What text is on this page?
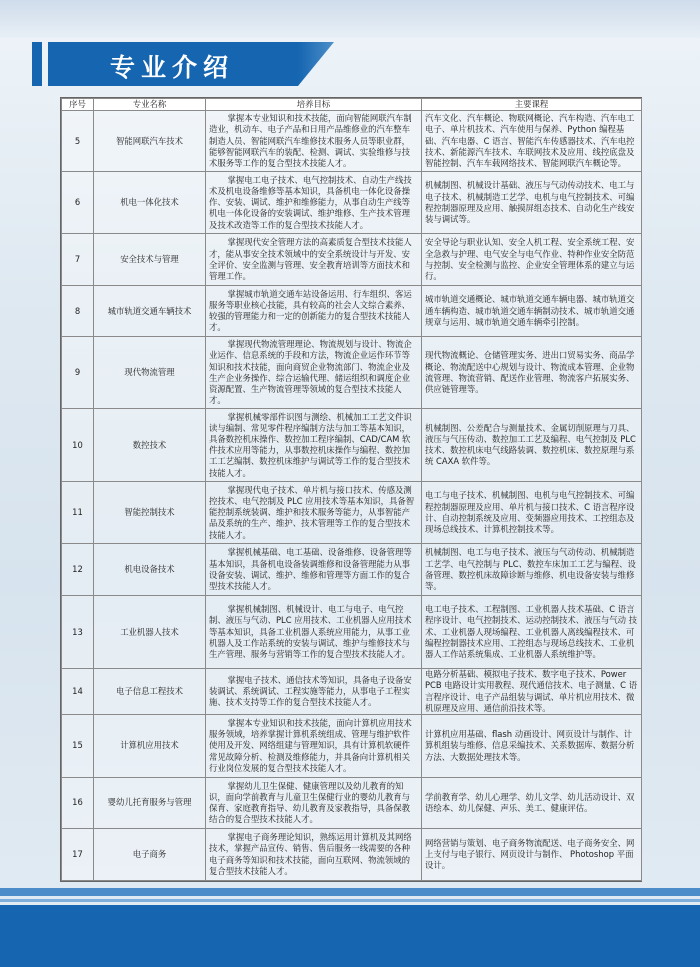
专业介绍
序号	专业名称	培养目标	主要课程
5	智能网联汽车技术	掌握本专业知识和技术技能，面向智能网联汽车制造业，机动车、电子产品和日用产品维修业的汽车整车制造人员、智能网联汽车维修技术服务人员等职业群，能够智能网联汽车的装配、检测、调试、实验维修与技术服务等工作的复合型技术技能人才。	汽车文化、汽车概论、物联网概论、汽车构造、汽车电工电子、单片机技术、汽车使用与保养、Python 编程基础、汽车电器、C 语言、智能汽车传感器技术、汽车电控技术、新能源汽车技术、车联网技术及应用、线控底盘及智能控制、汽车车载网络技术、智能网联汽车概论等。
6	机电一体化技术	掌握电工电子技术、电气控制技术、自动生产线技术及机电设备维修等基本知识，具备机电一体化设备操作、安装、调试、维护和维修能力，从事自动生产线等机电一体化设备的安装调试、维护维修、生产技术管理及技术改造等工作的复合型技术技能人才。	机械制图、机械设计基础、液压与气动传动技术、电工与电子技术、机械制造工艺学、电机与电气控制技术、可编程控制器原理及应用、触摸屏组态技术、自动化生产线安装与调试等。
7	安全技术与管理	掌握现代安全管理方法的高素质复合型技术技能人才，能从事安全技术领域中的安全系统设计与开发、安全评价、安全监测与管理、安全教育培训等方面技术和管理工作。	安全导论与职业认知、安全人机工程、安全系统工程、安全急救与护理、电气安全与电气作业、特种作业安全防范与控制、安全检测与监控、企业安全管理体系的建立与运行。
8	城市轨道交通车辆技术	掌握城市轨道交通车站设备运用、行车组织、客运服务等职业核心技能，具有较高的社会人文综合素养、较强的管理能力和一定的创新能力的复合型技术技能人才。	城市轨道交通概论、城市轨道交通车辆电器、城市轨道交通车辆构造、城市轨道交通车辆制动技术、城市轨道交通规章与运用、城市轨道交通车辆牵引控制。
9	现代物流管理	掌握现代物流管理理论、物流规划与设计、物流企业运作、信息系统的手段和方法，物流企业运作环节等知识和技术技能，面向商贸企业物流部门、物流企业及生产企业务操作、综合运输代理、储运组织和调度企业资源配置、生产物流管理等领域的复合型技术技能人才。	现代物流概论、仓储管理实务、进出口贸易实务、商品学概论、物流配送中心规划与设计、物流成本管理、企业物流管理、物流营销、配送作业管理、物流客户拓展实务、供应链管理等。
10	数控技术	掌握机械零部件识图与测绘、机械加工工艺文件识读与编制、常见零件程序编制方法与加工等基本知识，具备数控机床操作、数控加工程序编制、CAD/CAM 软件技术应用等能力，从事数控机床操作与编程、数控加工工艺编制、数控机床维护与调试等工作的复合型技术技能人才。	机械制图、公差配合与测量技术、金属切削原理与刀具、液压与气压传动、数控加工工艺及编程、电气控制及 PLC 技术、数控机床电气线路装调、数控机床、数控原理与系统 CAXA 软件等。
11	智能控制技术	掌握现代电子技术、单片机与接口技术、传感及测控技术、电气控制及 PLC 应用技术等基本知识，具备智能控制系统装调、维护和技术服务等能力，从事智能产品及系统的生产、维护、技术管理等工作的复合型技术技能人才。	电工与电子技术、机械制图、电机与电气控制技术、可编程控制器原理及应用、单片机与接口技术、C 语言程序设计、自动控制系统及应用、变频器应用技术、工控组态及现场总线技术、计算机控制技术等。
12	机电设备技术	掌握机械基础、电工基础、设备维修、设备管理等基本知识，具备机电设备装调维修和设备管理能力从事设备安装、调试、维护、维修和管理等方面工作的复合型技术技能人才。	机械制图、电工与电子技术、液压与气动传动、机械制造工艺学、电气控制与 PLC、数控车床加工工艺与编程、设备管理、数控机床故障诊断与维修、机电设备安装与维修等。
13	工业机器人技术	掌握机械制图、机械设计、电工与电子、电气控制、液压与气动、PLC 应用技术、工业机器人应用技术等基本知识，具备工业机器人系统应用能力，从事工业机器人及工作站系统的安装与调试、维护与维修技术与生产管理、服务与营销等工作的复合型技术技能人才。	电工电子技术、工程制图、工业机器人技术基础、C 语言程序设计、电气控制技术、运动控制技术、液压与气动 技术、工业机器人现场编程、工业机器人离线编程技术、可编程控制器技术应用、工控组态与现场总线技术、工业机器人工作站系统集成、工业机器人系统维护等。
14	电子信息工程技术	掌握电子技术、通信技术等知识，具备电子设备安装调试、系统调试、工程实施等能力，从事电子工程实施、技术支持等工作的复合型技术技能人才。	电路分析基础、模拟电子技术、数字电子技术、Power PCB 电路设计实用教程、现代通信技术、电子测量、C 语言程序设计、电子产品组装与调试、单片机应用技术、微机原理及应用、通信前沿技术等。
15	计算机应用技术	掌握本专业知识和技术技能，面向计算机应用技术服务领域，培养掌握计算机系统组成、管理与维护软件使用及开发、网络组建与管理知识，具有计算机软硬件常见故障分析、检测及维修能力，并具备向计算机相关行业岗位发展的复合型技术技能人才。	计算机应用基础、flash 动画设计、网页设计与制作、计算机组装与维修、信息采编技术、关系数据库、数据分析方法、大数据处理技术等。
16	婴幼儿托育服务与管理	掌握幼儿卫生保健、健康管理以及幼儿教育的知识，面向学前教育与儿童卫生保健行业的婴幼儿教育与保育、家庭教育指导、幼儿教育及家教指导，具备保教结合的复合型技术技能人才。	学前教育学、幼儿心理学、幼儿文学、幼儿活动设计、双语绘本、幼儿保健、声乐、美工、健康评估。
17	电子商务	掌握电子商务理论知识，熟练运用计算机及其网络技术，掌握产品宣传、销售、售后服务一线需要的各种电子商务等知识和技术技能，面向互联网、物流领域的复合型技术技能人才。	网络营销与策划、电子商务物流配送、电子商务安全、网上支付与电子银行、网页设计与制作、 Photoshop 平面设计。
